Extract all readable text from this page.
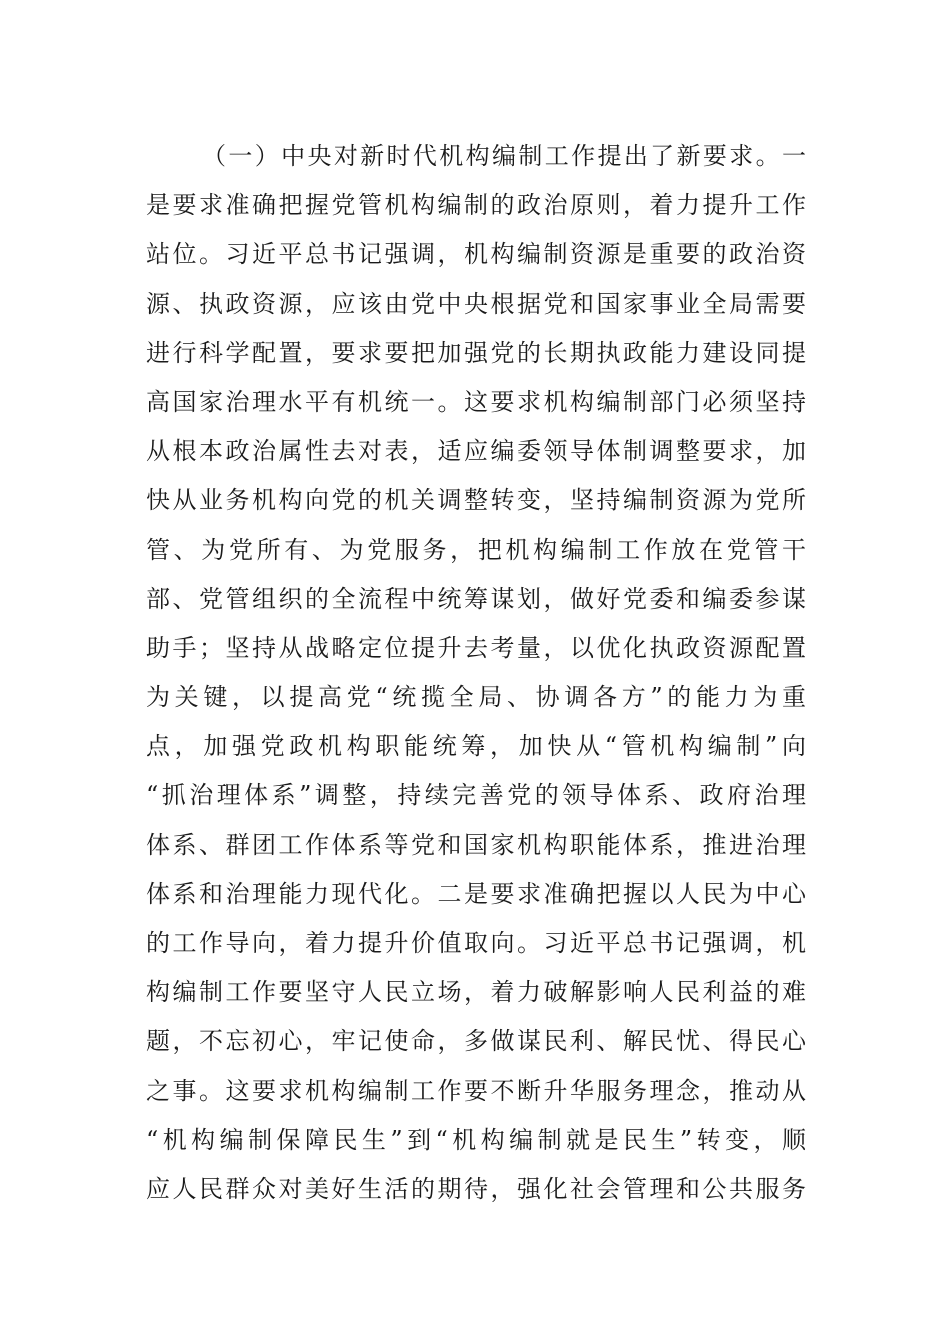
（一）中央对新时代机构编制工作提出了新要求。一
是要求准确把握党管机构编制的政治原则，着力提升工作
站位。习近平总书记强调，机构编制资源是重要的政治资
源、执政资源，应该由党中央根据党和国家事业全局需要
进行科学配置，要求要把加强党的长期执政能力建设同提
高国家治理水平有机统一。这要求机构编制部门必须坚持
从根本政治属性去对表，适应编委领导体制调整要求，加
快从业务机构向党的机关调整转变，坚持编制资源为党所
管、为党所有、为党服务，把机构编制工作放在党管干
部、党管组织的全流程中统筹谋划，做好党委和编委参谋
助手；坚持从战略定位提升去考量，以优化执政资源配置
为关键，以提高党“统揽全局、协调各方”的能力为重
点，加强党政机构职能统筹，加快从“管机构编制”向
“抓治理体系”调整，持续完善党的领导体系、政府治理
体系、群团工作体系等党和国家机构职能体系，推进治理
体系和治理能力现代化。二是要求准确把握以人民为中心
的工作导向，着力提升价值取向。习近平总书记强调，机
构编制工作要坚守人民立场，着力破解影响人民利益的难
题，不忘初心，牢记使命，多做谋民利、解民忧、得民心
之事。这要求机构编制工作要不断升华服务理念，推动从
“机构编制保障民生”到“机构编制就是民生”转变，顺
应人民群众对美好生活的期待，强化社会管理和公共服务
